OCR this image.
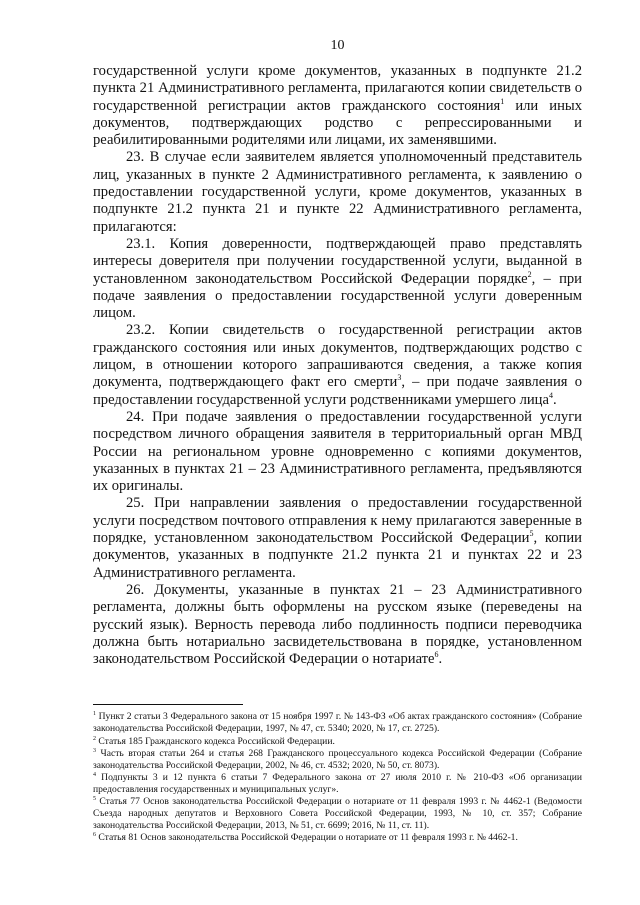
10

государственной услуги кроме документов, указанных в подпункте 21.2 пункта 21 Административного регламента, прилагаются копии свидетельств о государственной регистрации актов гражданского состояния$^1$ или иных документов, подтверждающих родство с репрессированными и реабилитированными родителями или лицами, их заменявшими.

23. В случае если заявителем является уполномоченный представитель лиц, указанных в пункте 2 Административного регламента, к заявлению о предоставлении государственной услуги, кроме документов, указанных в подпункте 21.2 пункта 21 и пункте 22 Административного регламента, прилагаются:

23.1. Копия доверенности, подтверждающей право представлять интересы доверителя при получении государственной услуги, выданной в установленном законодательством Российской Федерации порядке$^2$, – при подаче заявления о предоставлении государственной услуги доверенным лицом.

23.2. Копии свидетельств о государственной регистрации актов гражданского состояния или иных документов, подтверждающих родство с лицом, в отношении которого запрашиваются сведения, а также копия документа, подтверждающего факт его смерти$^3$, – при подаче заявления о предоставлении государственной услуги родственниками умершего лица$^4$.

24. При подаче заявления о предоставлении государственной услуги посредством личного обращения заявителя в территориальный орган МВД России на региональном уровне одновременно с копиями документов, указанных в пунктах 21 – 23 Административного регламента, предъявляются их оригиналы.

25. При направлении заявления о предоставлении государственной услуги посредством почтового отправления к нему прилагаются заверенные в порядке, установленном законодательством Российской Федерации$^5$, копии документов, указанных в подпункте 21.2 пункта 21 и пунктах 22 и 23 Административного регламента.

26. Документы, указанные в пунктах 21 – 23 Административного регламента, должны быть оформлены на русском языке (переведены на русский язык). Верность перевода либо подлинность подписи переводчика должна быть нотариально засвидетельствована в порядке, установленном законодательством Российской Федерации о нотариате$^6$.

$^1$ Пункт 2 статьи 3 Федерального закона от 15 ноября 1997 г. № 143-ФЗ «Об актах гражданского состояния» (Собрание законодательства Российской Федерации, 1997, № 47, ст. 5340; 2020, № 17, ст. 2725).

$^2$ Статья 185 Гражданского кодекса Российской Федерации.

$^3$ Часть вторая статьи 264 и статья 268 Гражданского процессуального кодекса Российской Федерации (Собрание законодательства Российской Федерации, 2002, № 46, ст. 4532; 2020, № 50, ст. 8073).

$^4$ Подпункты 3 и 12 пункта 6 статьи 7 Федерального закона от 27 июля 2010 г. № 210-ФЗ «Об организации предоставления государственных и муниципальных услуг».

$^5$ Статья 77 Основ законодательства Российской Федерации о нотариате от 11 февраля 1993 г. № 4462-1 (Ведомости Съезда народных депутатов и Верховного Совета Российской Федерации, 1993, № 10, ст. 357; Собрание законодательства Российской Федерации, 2013, № 51, ст. 6699; 2016, № 11, ст. 11).

$^6$ Статья 81 Основ законодательства Российской Федерации о нотариате от 11 февраля 1993 г. № 4462-1.
